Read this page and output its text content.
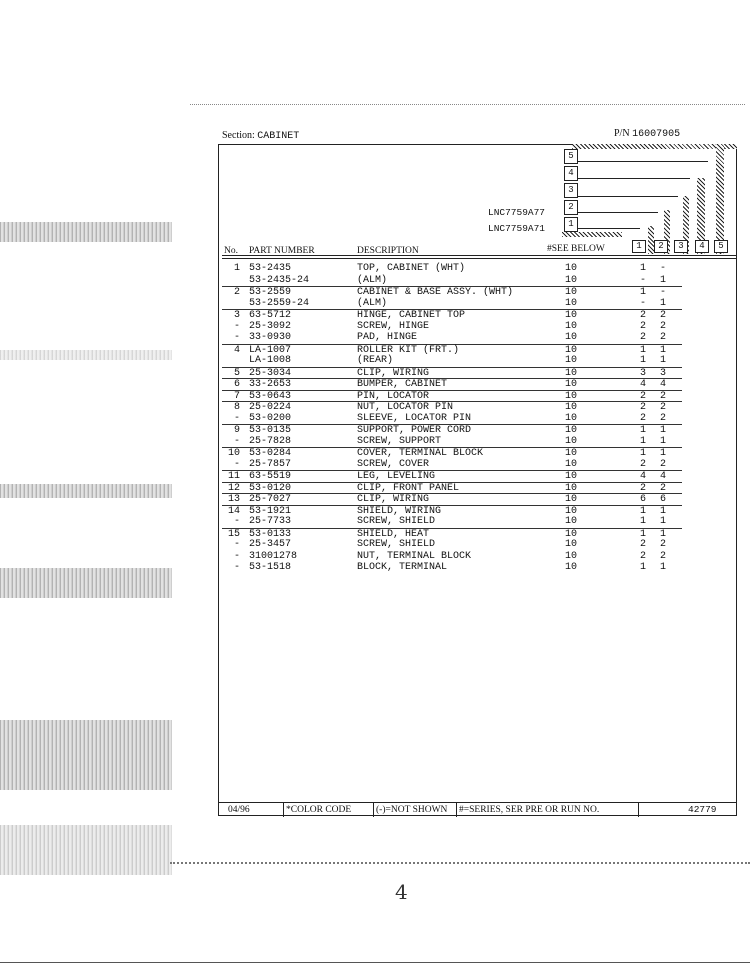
Section: CABINET	P/N 16007905
5
4
3
2
1
LNC7759A77
LNC7759A71
No. PART NUMBER	DESCRIPTION	#SEE BELOW	1	2	3	4	5
1 53-2435	TOP, CABINET (WHT)	10	1 -
53-2435-24	(ALM)	10	- 1
2 53-2559	CABINET & BASE ASSY. (WHT)	10	1 -
53-2559-24	(ALM)	10	- 1
3 63-5712	HINGE, CABINET TOP	10	2 2
- 25-3092	SCREW, HINGE	10	2 2
- 33-0930	PAD, HINGE	10	2 2
4 LA-1007	ROLLER KIT (FRT.)	10	1 1
LA-1008	(REAR)	10	1 1
5 25-3034	CLIP, WIRING	10	3 3
6 33-2653	BUMPER, CABINET	10	4 4
7 53-0643	PIN, LOCATOR	10	2 2
8 25-0224	NUT, LOCATOR PIN	10	2 2
- 53-0200	SLEEVE, LOCATOR PIN	10	2 2
9 53-0135	SUPPORT, POWER CORD	10	1 1
- 25-7828	SCREW, SUPPORT	10	1 1
10 53-0284	COVER, TERMINAL BLOCK	10	1 1
- 25-7857	SCREW, COVER	10	2 2
11 63-5519	LEG, LEVELING	10	4 4
12 53-0120	CLIP, FRONT PANEL	10	2 2
13 25-7027	CLIP, WIRING	10	6 6
14 53-1921	SHIELD, WIRING	10	1 1
- 25-7733	SCREW, SHIELD	10	1 1
15 53-0133	SHIELD, HEAT	10	1 1
- 25-3457	SCREW, SHIELD	10	2 2
- 31001278	NUT, TERMINAL BLOCK	10	2 2
- 53-1518	BLOCK, TERMINAL	10	1 1
04/96	*COLOR CODE	(-)=NOT SHOWN #=SERIES, SER PRE OR RUN NO.	42779
4
